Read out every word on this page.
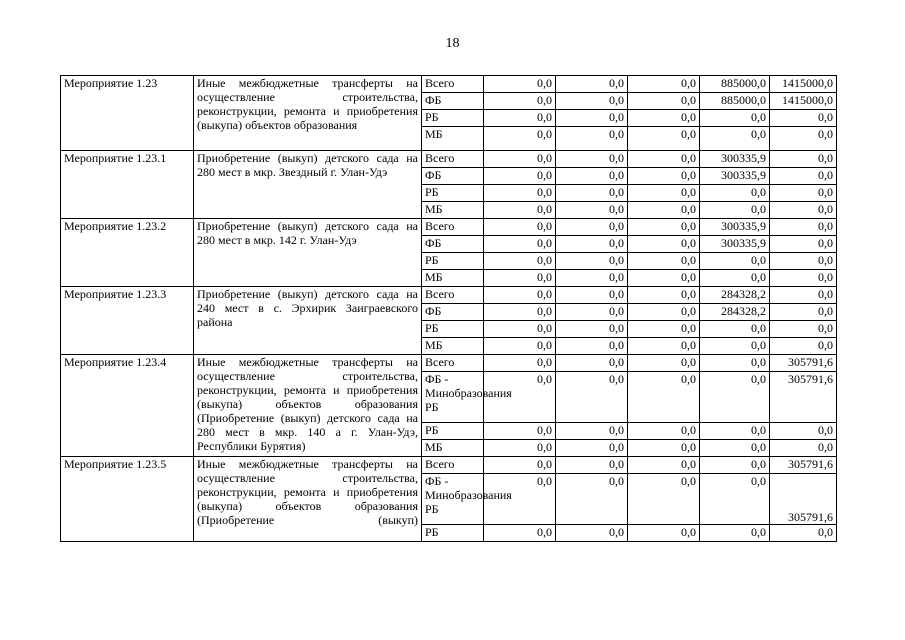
18
Мероприятие 1.23	Иные межбюджетные трансферты на осуществление строительства, реконструкции, ремонта и приобретения (выкупа) объектов образования	Всего	0,0	0,0	0,0	885000,0	1415000,0
		ФБ	0,0	0,0	0,0	885000,0	1415000,0
		РБ	0,0	0,0	0,0	0,0	0,0
		МБ	0,0	0,0	0,0	0,0	0,0
Мероприятие 1.23.1	Приобретение (выкуп) детского сада на 280 мест в мкр. Звездный г. Улан-Удэ	Всего	0,0	0,0	0,0	300335,9	0,0
		ФБ	0,0	0,0	0,0	300335,9	0,0
		РБ	0,0	0,0	0,0	0,0	0,0
		МБ	0,0	0,0	0,0	0,0	0,0
Мероприятие 1.23.2	Приобретение (выкуп) детского сада на 280 мест в мкр. 142 г. Улан-Удэ	Всего	0,0	0,0	0,0	300335,9	0,0
		ФБ	0,0	0,0	0,0	300335,9	0,0
		РБ	0,0	0,0	0,0	0,0	0,0
		МБ	0,0	0,0	0,0	0,0	0,0
Мероприятие 1.23.3	Приобретение (выкуп) детского сада на 240 мест в с. Эрхирик Заиграевского района	Всего	0,0	0,0	0,0	284328,2	0,0
		ФБ	0,0	0,0	0,0	284328,2	0,0
		РБ	0,0	0,0	0,0	0,0	0,0
		МБ	0,0	0,0	0,0	0,0	0,0
Мероприятие 1.23.4	Иные межбюджетные трансферты на осуществление строительства, реконструкции, ремонта и приобретения (выкупа) объектов образования (Приобретение (выкуп) детского сада на 280 мест в мкр. 140 а г. Улан-Удэ, Республики Бурятия)	Всего	0,0	0,0	0,0	0,0	305791,6
		ФБ - Минобразования РБ	0,0	0,0	0,0	0,0	305791,6
		РБ	0,0	0,0	0,0	0,0	0,0
		МБ	0,0	0,0	0,0	0,0	0,0
Мероприятие 1.23.5	Иные межбюджетные трансферты на осуществление строительства, реконструкции, ремонта и приобретения (выкупа) объектов образования (Приобретение (выкуп)	Всего	0,0	0,0	0,0	0,0	305791,6
		ФБ - Минобразования РБ	0,0	0,0	0,0	0,0	305791,6
		РБ	0,0	0,0	0,0	0,0	0,0
